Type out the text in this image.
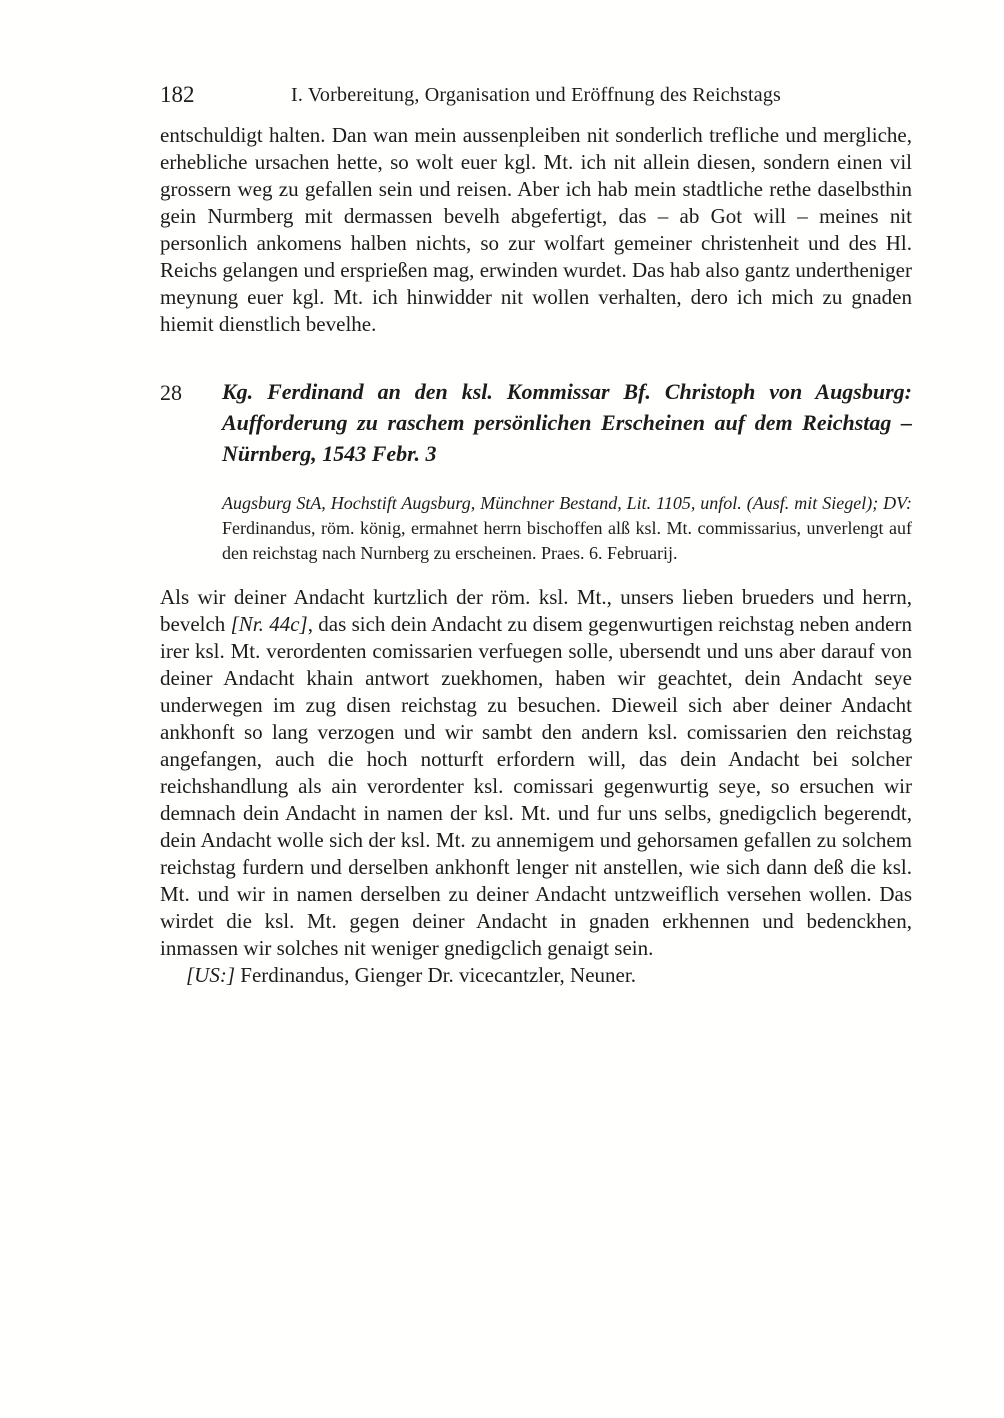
182	I. Vorbereitung, Organisation und Eröffnung des Reichstags

entschuldigt halten. Dan wan mein aussenpleiben nit sonderlich trefliche und mergliche, erhebliche ursachen hette, so wolt euer kgl. Mt. ich nit allein diesen, sondern einen vil grossern weg zu gefallen sein und reisen. Aber ich hab mein stadtliche rethe daselbsthin gein Nurmberg mit dermassen bevelh abgefertigt, das – ab Got will – meines nit personlich ankomens halben nichts, so zur wolfart gemeiner christenheit und des Hl. Reichs gelangen und ersprießen mag, erwinden wurdet. Das hab also gantz undertheniger meynung euer kgl. Mt. ich hinwidder nit wollen verhalten, dero ich mich zu gnaden hiemit dienstlich bevelhe.

28 Kg. Ferdinand an den ksl. Kommissar Bf. Christoph von Augsburg: Aufforderung zu raschem persönlichen Erscheinen auf dem Reichstag – Nürnberg, 1543 Febr. 3

Augsburg StA, Hochstift Augsburg, Münchner Bestand, Lit. 1105, unfol. (Ausf. mit Siegel); DV: Ferdinandus, röm. könig, ermahnet herrn bischoffen alß ksl. Mt. commissarius, unverlengt auf den reichstag nach Nurnberg zu erscheinen. Praes. 6. Februarij.

Als wir deiner Andacht kurtzlich der röm. ksl. Mt., unsers lieben brueders und herrn, bevelch [Nr. 44c], das sich dein Andacht zu disem gegenwurtigen reichstag neben andern irer ksl. Mt. verordenten comissarien verfuegen solle, ubersendt und uns aber darauf von deiner Andacht khain antwort zuekhomen, haben wir geachtet, dein Andacht seye underwegen im zug disen reichstag zu besuchen. Dieweil sich aber deiner Andacht ankhonft so lang verzogen und wir sambt den andern ksl. comissarien den reichstag angefangen, auch die hoch notturft erfordern will, das dein Andacht bei solcher reichshandlung als ain verordenter ksl. comissari gegenwurtig seye, so ersuchen wir demnach dein Andacht in namen der ksl. Mt. und fur uns selbs, gnedigclich begerendt, dein Andacht wolle sich der ksl. Mt. zu annemigem und gehorsamen gefallen zu solchem reichstag furdern und derselben ankhonft lenger nit anstellen, wie sich dann deß die ksl. Mt. und wir in namen derselben zu deiner Andacht untzweiflich versehen wollen. Das wirdet die ksl. Mt. gegen deiner Andacht in gnaden erkhennen und bedenckhen, inmassen wir solches nit weniger gnedigclich genaigt sein.

[US:] Ferdinandus, Gienger Dr. vicecantzler, Neuner.
